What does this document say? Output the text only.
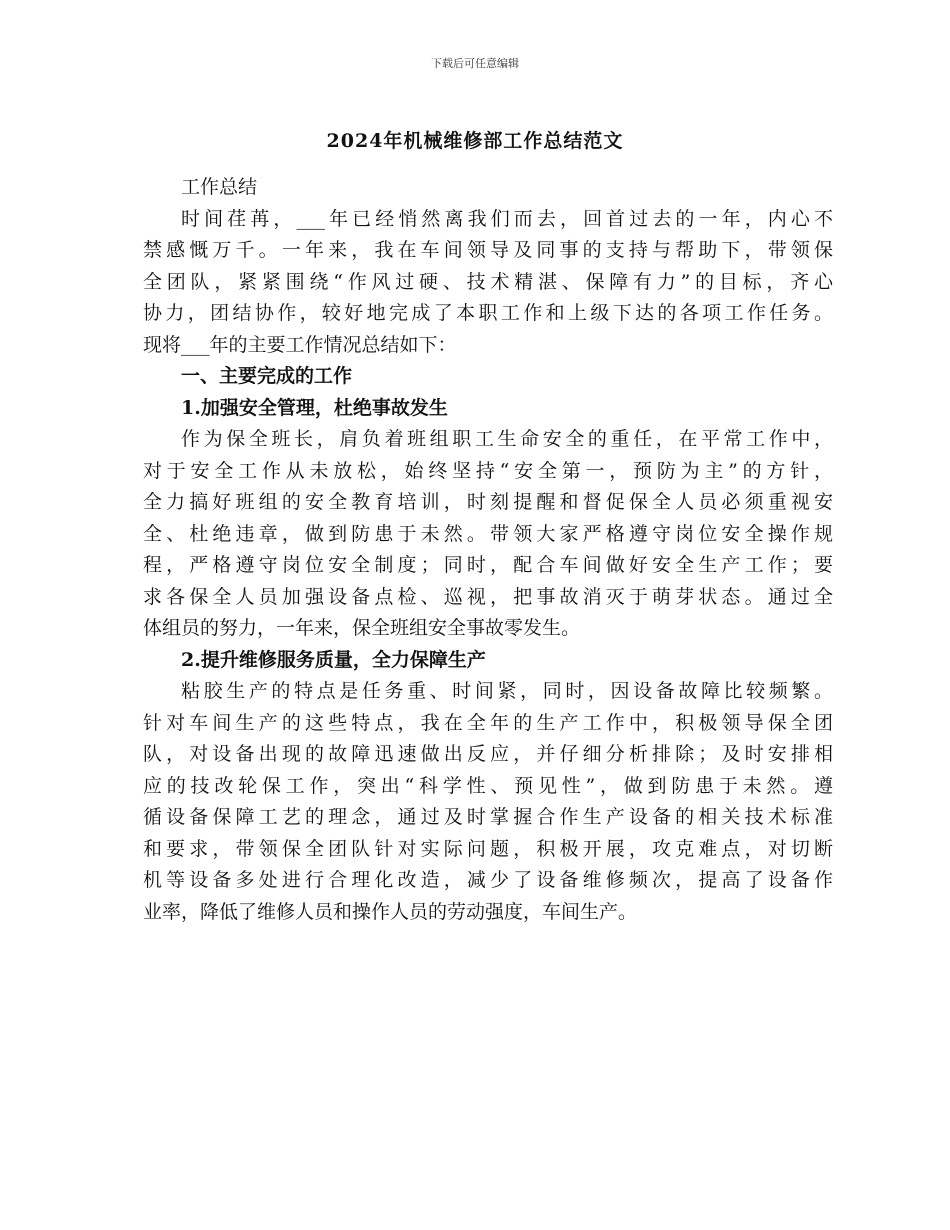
下载后可任意编辑
2024年机械维修部工作总结范文
工作总结
时间荏苒，___年已经悄然离我们而去，回首过去的一年，内心不
禁感慨万千。一年来，我在车间领导及同事的支持与帮助下，带领保
全团队，紧紧围绕“作风过硬、技术精湛、保障有力”的目标，齐心
协力，团结协作，较好地完成了本职工作和上级下达的各项工作任务。
现将___年的主要工作情况总结如下：
一、主要完成的工作
1.加强安全管理，杜绝事故发生
作为保全班长，肩负着班组职工生命安全的重任，在平常工作中，
对于安全工作从未放松，始终坚持“安全第一，预防为主”的方针，
全力搞好班组的安全教育培训，时刻提醒和督促保全人员必须重视安
全、杜绝违章，做到防患于未然。带领大家严格遵守岗位安全操作规
程，严格遵守岗位安全制度；同时，配合车间做好安全生产工作；要
求各保全人员加强设备点检、巡视，把事故消灭于萌芽状态。通过全
体组员的努力，一年来，保全班组安全事故零发生。
2.提升维修服务质量，全力保障生产
粘胶生产的特点是任务重、时间紧，同时，因设备故障比较频繁。
针对车间生产的这些特点，我在全年的生产工作中，积极领导保全团
队，对设备出现的故障迅速做出反应，并仔细分析排除；及时安排相
应的技改轮保工作，突出“科学性、预见性”，做到防患于未然。遵
循设备保障工艺的理念，通过及时掌握合作生产设备的相关技术标准
和要求，带领保全团队针对实际问题，积极开展，攻克难点，对切断
机等设备多处进行合理化改造，减少了设备维修频次，提高了设备作
业率，降低了维修人员和操作人员的劳动强度，车间生产。
